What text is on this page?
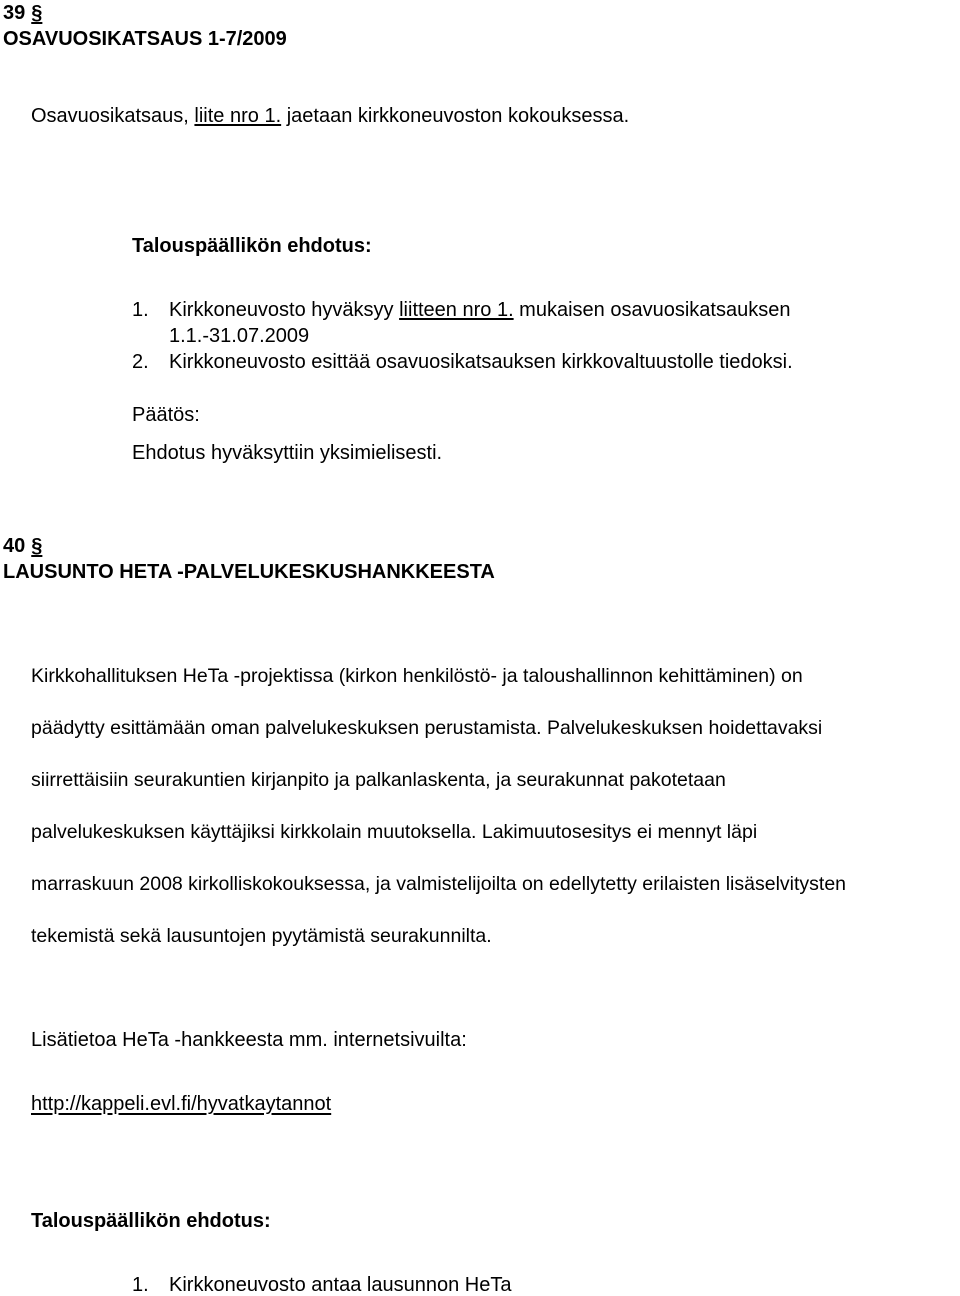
39 §
OSAVUOSIKATSAUS 1-7/2009
Osavuosikatsaus, liite nro 1. jaetaan kirkkoneuvoston kokouksessa.
Talouspäällikön ehdotus:
1. Kirkkoneuvosto hyväksyy liitteen nro 1. mukaisen osavuosikatsauksen
1.1.-31.07.2009
2. Kirkkoneuvosto esittää osavuosikatsauksen kirkkovaltuustolle tiedoksi.
Päätös:
Ehdotus hyväksyttiin yksimielisesti.
40 §
LAUSUNTO HETA -PALVELUKESKUSHANKKEESTA
Kirkkohallituksen HeTa -projektissa (kirkon henkilöstö- ja taloushallinnon kehittäminen) on
päädytty esittämään oman palvelukeskuksen perustamista. Palvelukeskuksen hoidettavaksi
siirrettäisiin seurakuntien kirjanpito ja palkanlaskenta, ja seurakunnat pakotetaan
palvelukeskuksen käyttäjiksi kirkkolain muutoksella. Lakimuutosesitys ei mennyt läpi
marraskuun 2008 kirkolliskokouksessa, ja valmistelijoilta on edellytetty erilaisten lisäselvitysten
tekemistä sekä lausuntojen pyytämistä seurakunnilta.
Lisätietoa HeTa -hankkeesta mm. internetsivuilta:
http://kappeli.evl.fi/hyvatkaytannot
Talouspäällikön ehdotus:
1. Kirkkoneuvosto antaa lausunnon HeTa
